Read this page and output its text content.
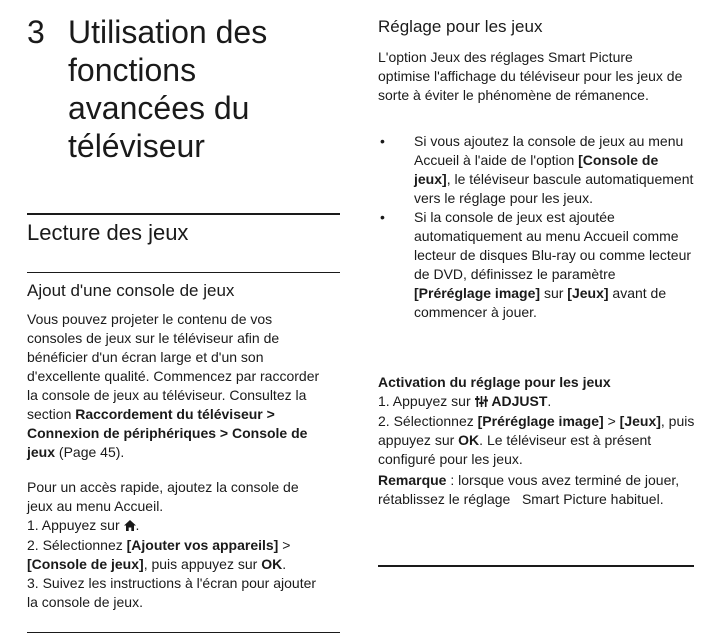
3 Utilisation des fonctions avancées du téléviseur
Lecture des jeux
Ajout d'une console de jeux
Vous pouvez projeter le contenu de vos consoles de jeux sur le téléviseur afin de bénéficier d'un écran large et d'un son d'excellente qualité. Commencez par raccorder la console de jeux au téléviseur. Consultez la section Raccordement du téléviseur > Connexion de périphériques > Console de jeux (Page 45).
Pour un accès rapide, ajoutez la console de jeux au menu Accueil.
1. Appuyez sur .
2. Sélectionnez [Ajouter vos appareils] > [Console de jeux], puis appuyez sur OK.
3. Suivez les instructions à l'écran pour ajouter la console de jeux.
Réglage pour les jeux
L'option Jeux des réglages Smart Picture optimise l'affichage du téléviseur pour les jeux de sorte à éviter le phénomène de rémanence.
• Si vous ajoutez la console de jeux au menu Accueil à l'aide de l'option [Console de jeux], le téléviseur bascule automatiquement vers le réglage pour les jeux.
• Si la console de jeux est ajoutée automatiquement au menu Accueil comme lecteur de disques Blu-ray ou comme lecteur de DVD, définissez le paramètre [Préréglage image] sur [Jeux] avant de commencer à jouer.
Activation du réglage pour les jeux
1. Appuyez sur  ADJUST.
2. Sélectionnez [Préréglage image] > [Jeux], puis appuyez sur OK. Le téléviseur est à présent configuré pour les jeux.
Remarque : lorsque vous avez terminé de jouer, rétablissez le réglage   Smart Picture habituel.
